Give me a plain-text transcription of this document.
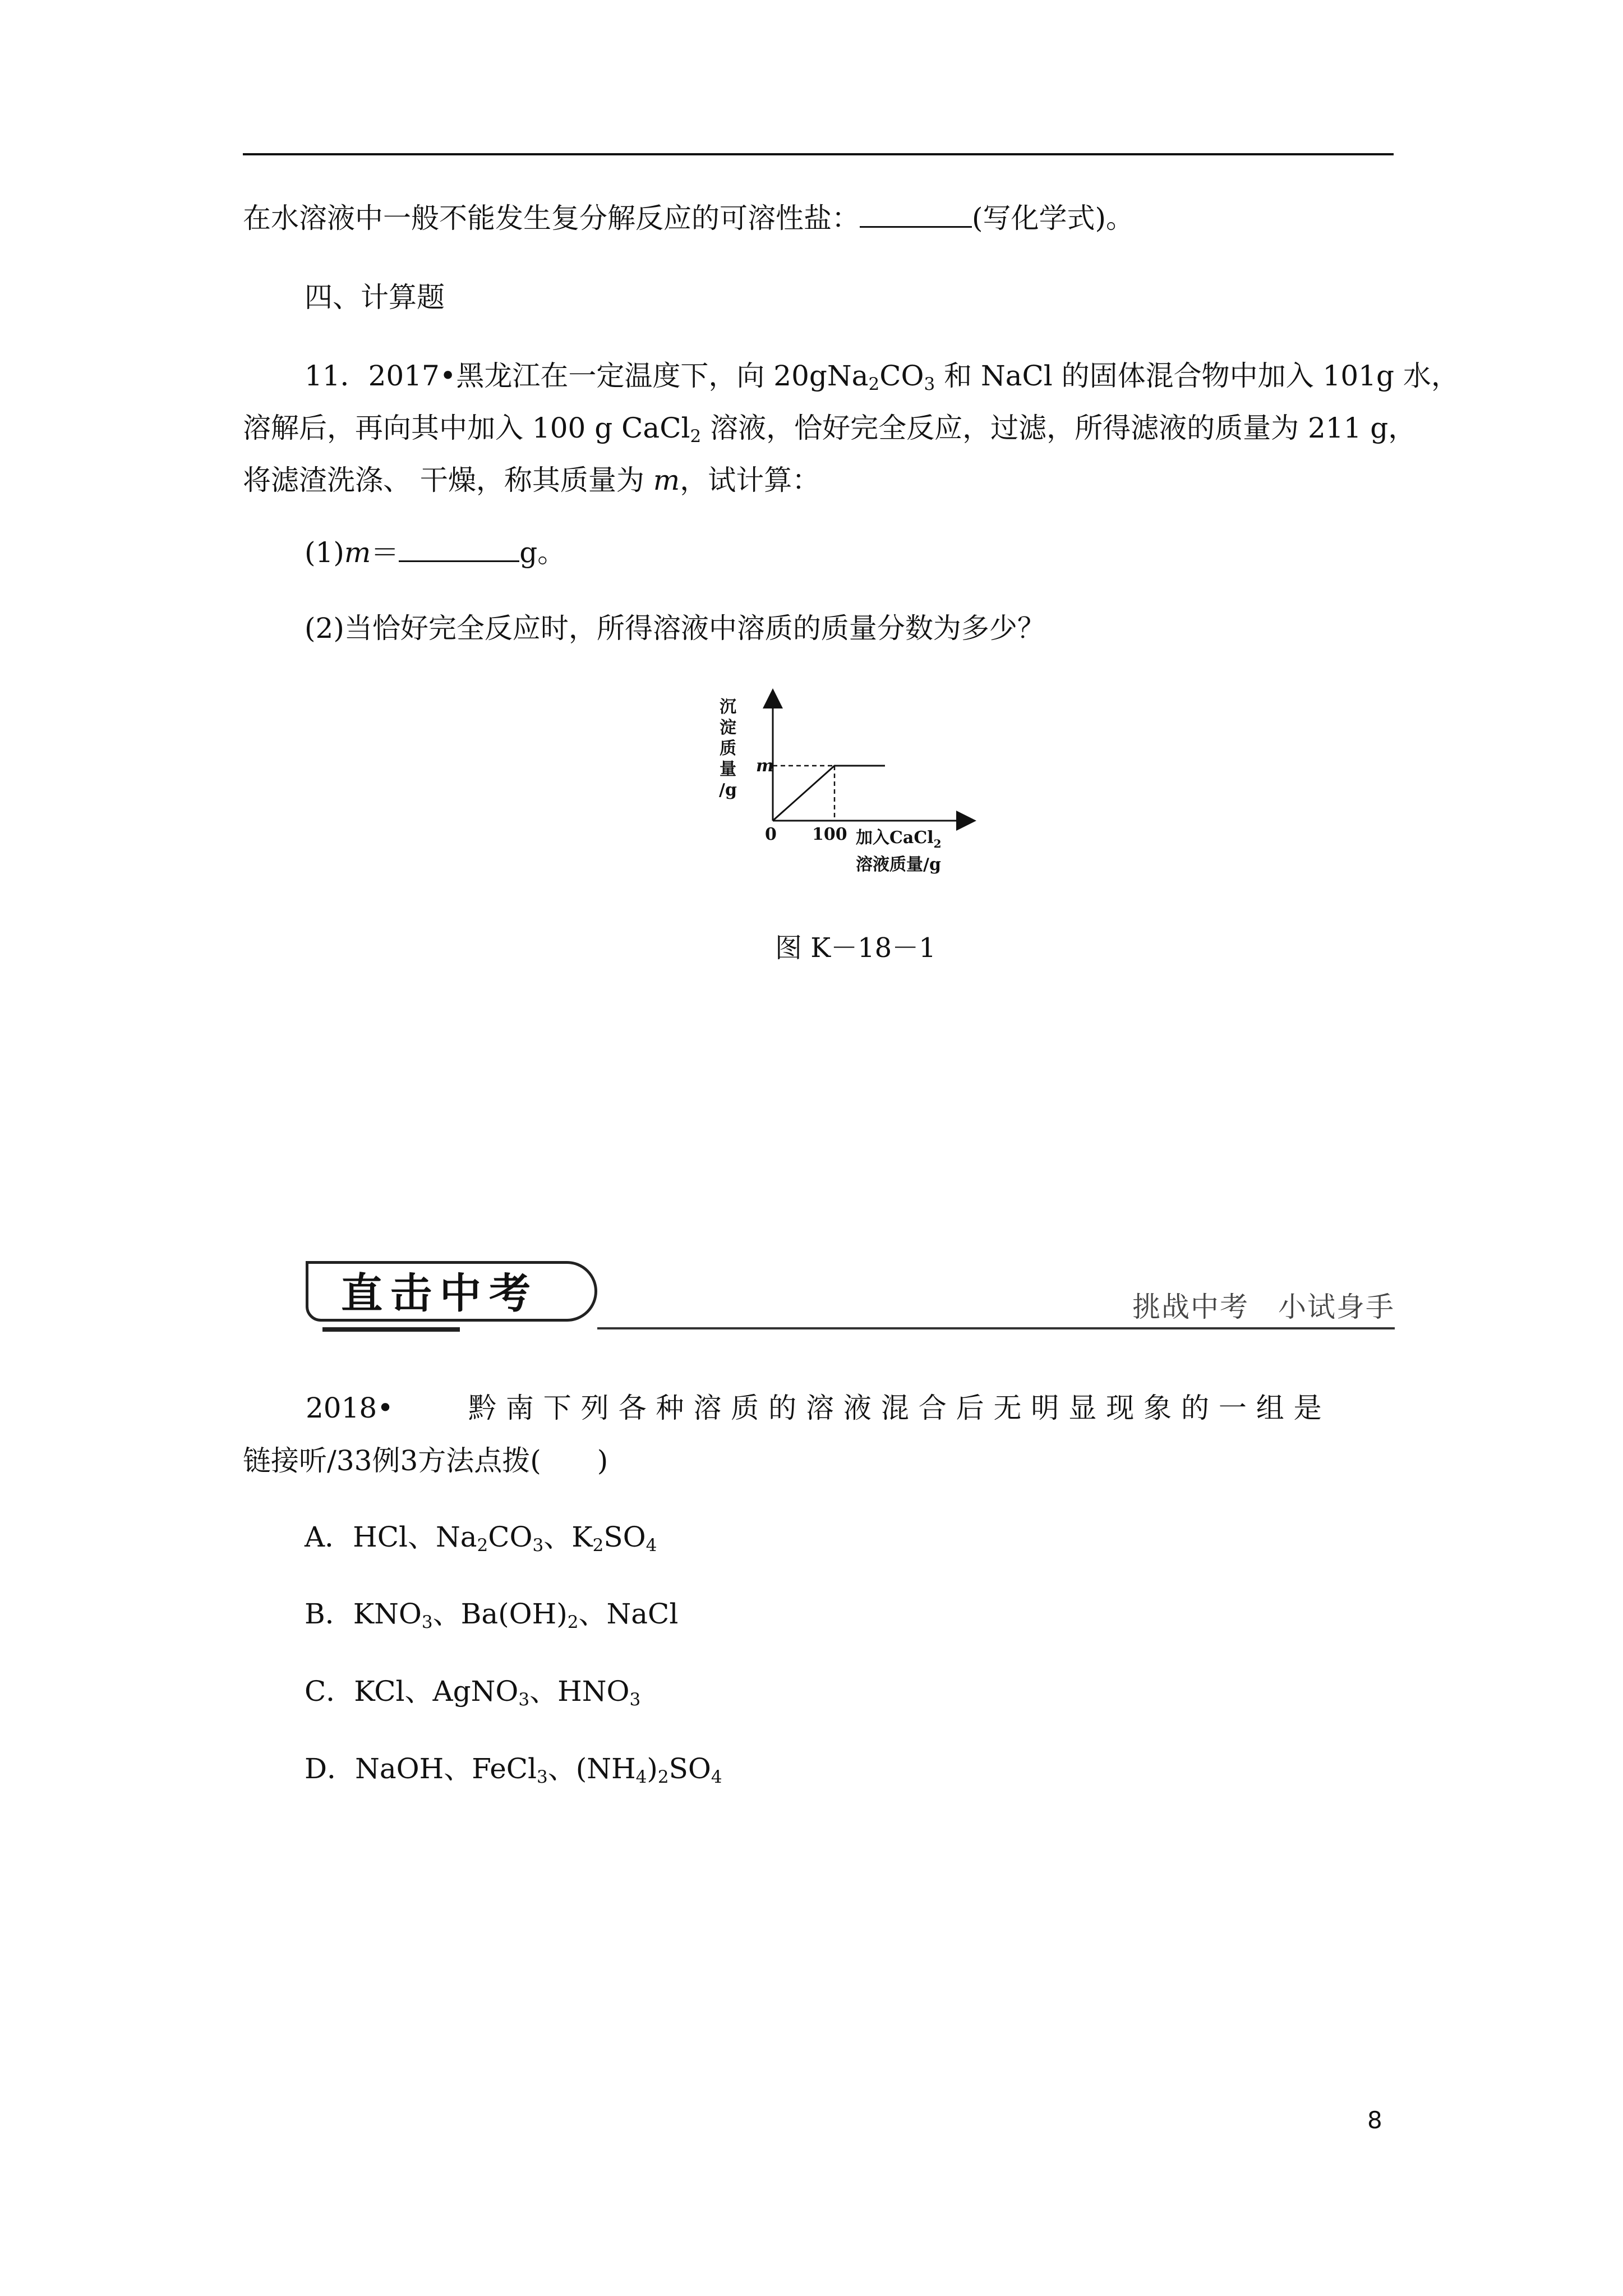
在水溶液中一般不能发生复分解反应的可溶性盐：	(写化学式)。
四、计算题
11．2017•黑龙江在一定温度下，向 $20gNa_2CO_3$ 和 NaCl 的固体混合物中加入 101g 水，
溶解后，再向其中加入 100 g CaCl$_2$ 溶液，恰好完全反应，过滤，所得滤液的质量为 211 g，
将滤渣洗涤、 干燥，称其质量为 m，试计算：
(1)m＝	g。
(2)当恰好完全反应时，所得溶液中溶质的质量分数为多少？
沉
淀
质
量
/g
m
0 100 加入CaCl$_2$
溶液质量/g
图 K－18－1
直击中考	挑战中考　小试身手
2018•	黔 南 下 列 各 种 溶 质 的 溶 液 混 合 后 无 明 显 现 象 的 一 组 是
链接听/33例3方法点拨(　　)
A．HCl、$Na_2CO_3$、$K_2SO_4$
B．$KNO_3$、$Ba(OH)_2$、NaCl
C．KCl、AgNO$_3$、$HNO_3$
D．NaOH、FeCl$_3$、$(NH_4)_2SO_4$
8
